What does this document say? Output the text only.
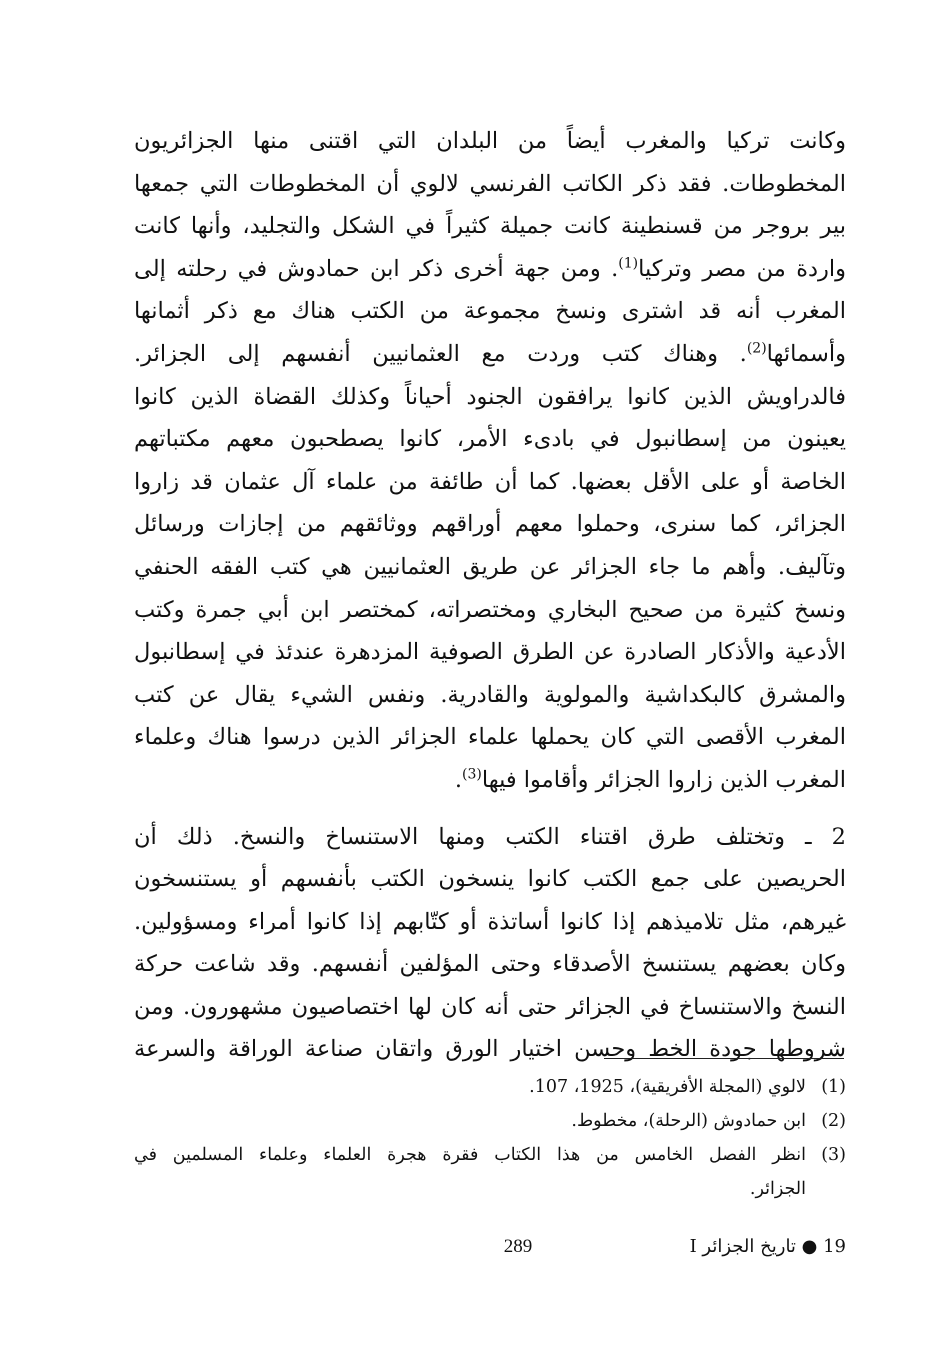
وكانت تركيا والمغرب أيضاً من البلدان التي اقتنى منها الجزائريون
المخطوطات. فقد ذكر الكاتب الفرنسي لالوي أن المخطوطات التي جمعها
بير بروجر من قسنطينة كانت جميلة كثيراً في الشكل والتجليد، وأنها كانت
واردة من مصر وتركيا$^{(1)}$. ومن جهة أخرى ذكر ابن حمادوش في رحلته إلى
المغرب أنه قد اشترى ونسخ مجموعة من الكتب هناك مع ذكر أثمانها
وأسمائها$^{(2)}$. وهناك كتب وردت مع العثمانيين أنفسهم إلى الجزائر.
فالدراويش الذين كانوا يرافقون الجنود أحياناً وكذلك القضاة الذين كانوا
يعينون من إسطانبول في بادىء الأمر، كانوا يصطحبون معهم مكتباتهم
الخاصة أو على الأقل بعضها. كما أن طائفة من علماء آل عثمان قد زاروا
الجزائر، كما سنرى، وحملوا معهم أوراقهم ووثائقهم من إجازات ورسائل
وتآليف. وأهم ما جاء الجزائر عن طريق العثمانيين هي كتب الفقه الحنفي
ونسخ كثيرة من صحيح البخاري ومختصراته، كمختصر ابن أبي جمرة وكتب
الأدعية والأذكار الصادرة عن الطرق الصوفية المزدهرة عندئذ في إسطانبول
والمشرق كالبكداشية والمولوية والقادرية. ونفس الشيء يقال عن كتب
المغرب الأقصى التي كان يحملها علماء الجزائر الذين درسوا هناك وعلماء
المغرب الذين زاروا الجزائر وأقاموا فيها$^{(3)}$.
2 ـ وتختلف طرق اقتناء الكتب ومنها الاستنساخ والنسخ. ذلك أن
الحريصين على جمع الكتب كانوا ينسخون الكتب بأنفسهم أو يستنسخون
غيرهم، مثل تلاميذهم إذا كانوا أساتذة أو كتّابهم إذا كانوا أمراء ومسؤولين.
وكان بعضهم يستنسخ الأصدقاء وحتى المؤلفين أنفسهم. وقد شاعت حركة
النسخ والاستنساخ في الجزائر حتى أنه كان لها اختصاصيون مشهورون. ومن
شروطها جودة الخط وحسن اختيار الورق واتقان صناعة الوراقة والسرعة
(1)
لالوي (المجلة الأفريقية)، 1925، 107.
(2)
ابن حمادوش (الرحلة)، مخطوط.
(3)
انظر الفصل الخامس من هذا الكتاب فقرة هجرة العلماء وعلماء المسلمين في
الجزائر.
289	19 ● تاريخ الجزائر I
